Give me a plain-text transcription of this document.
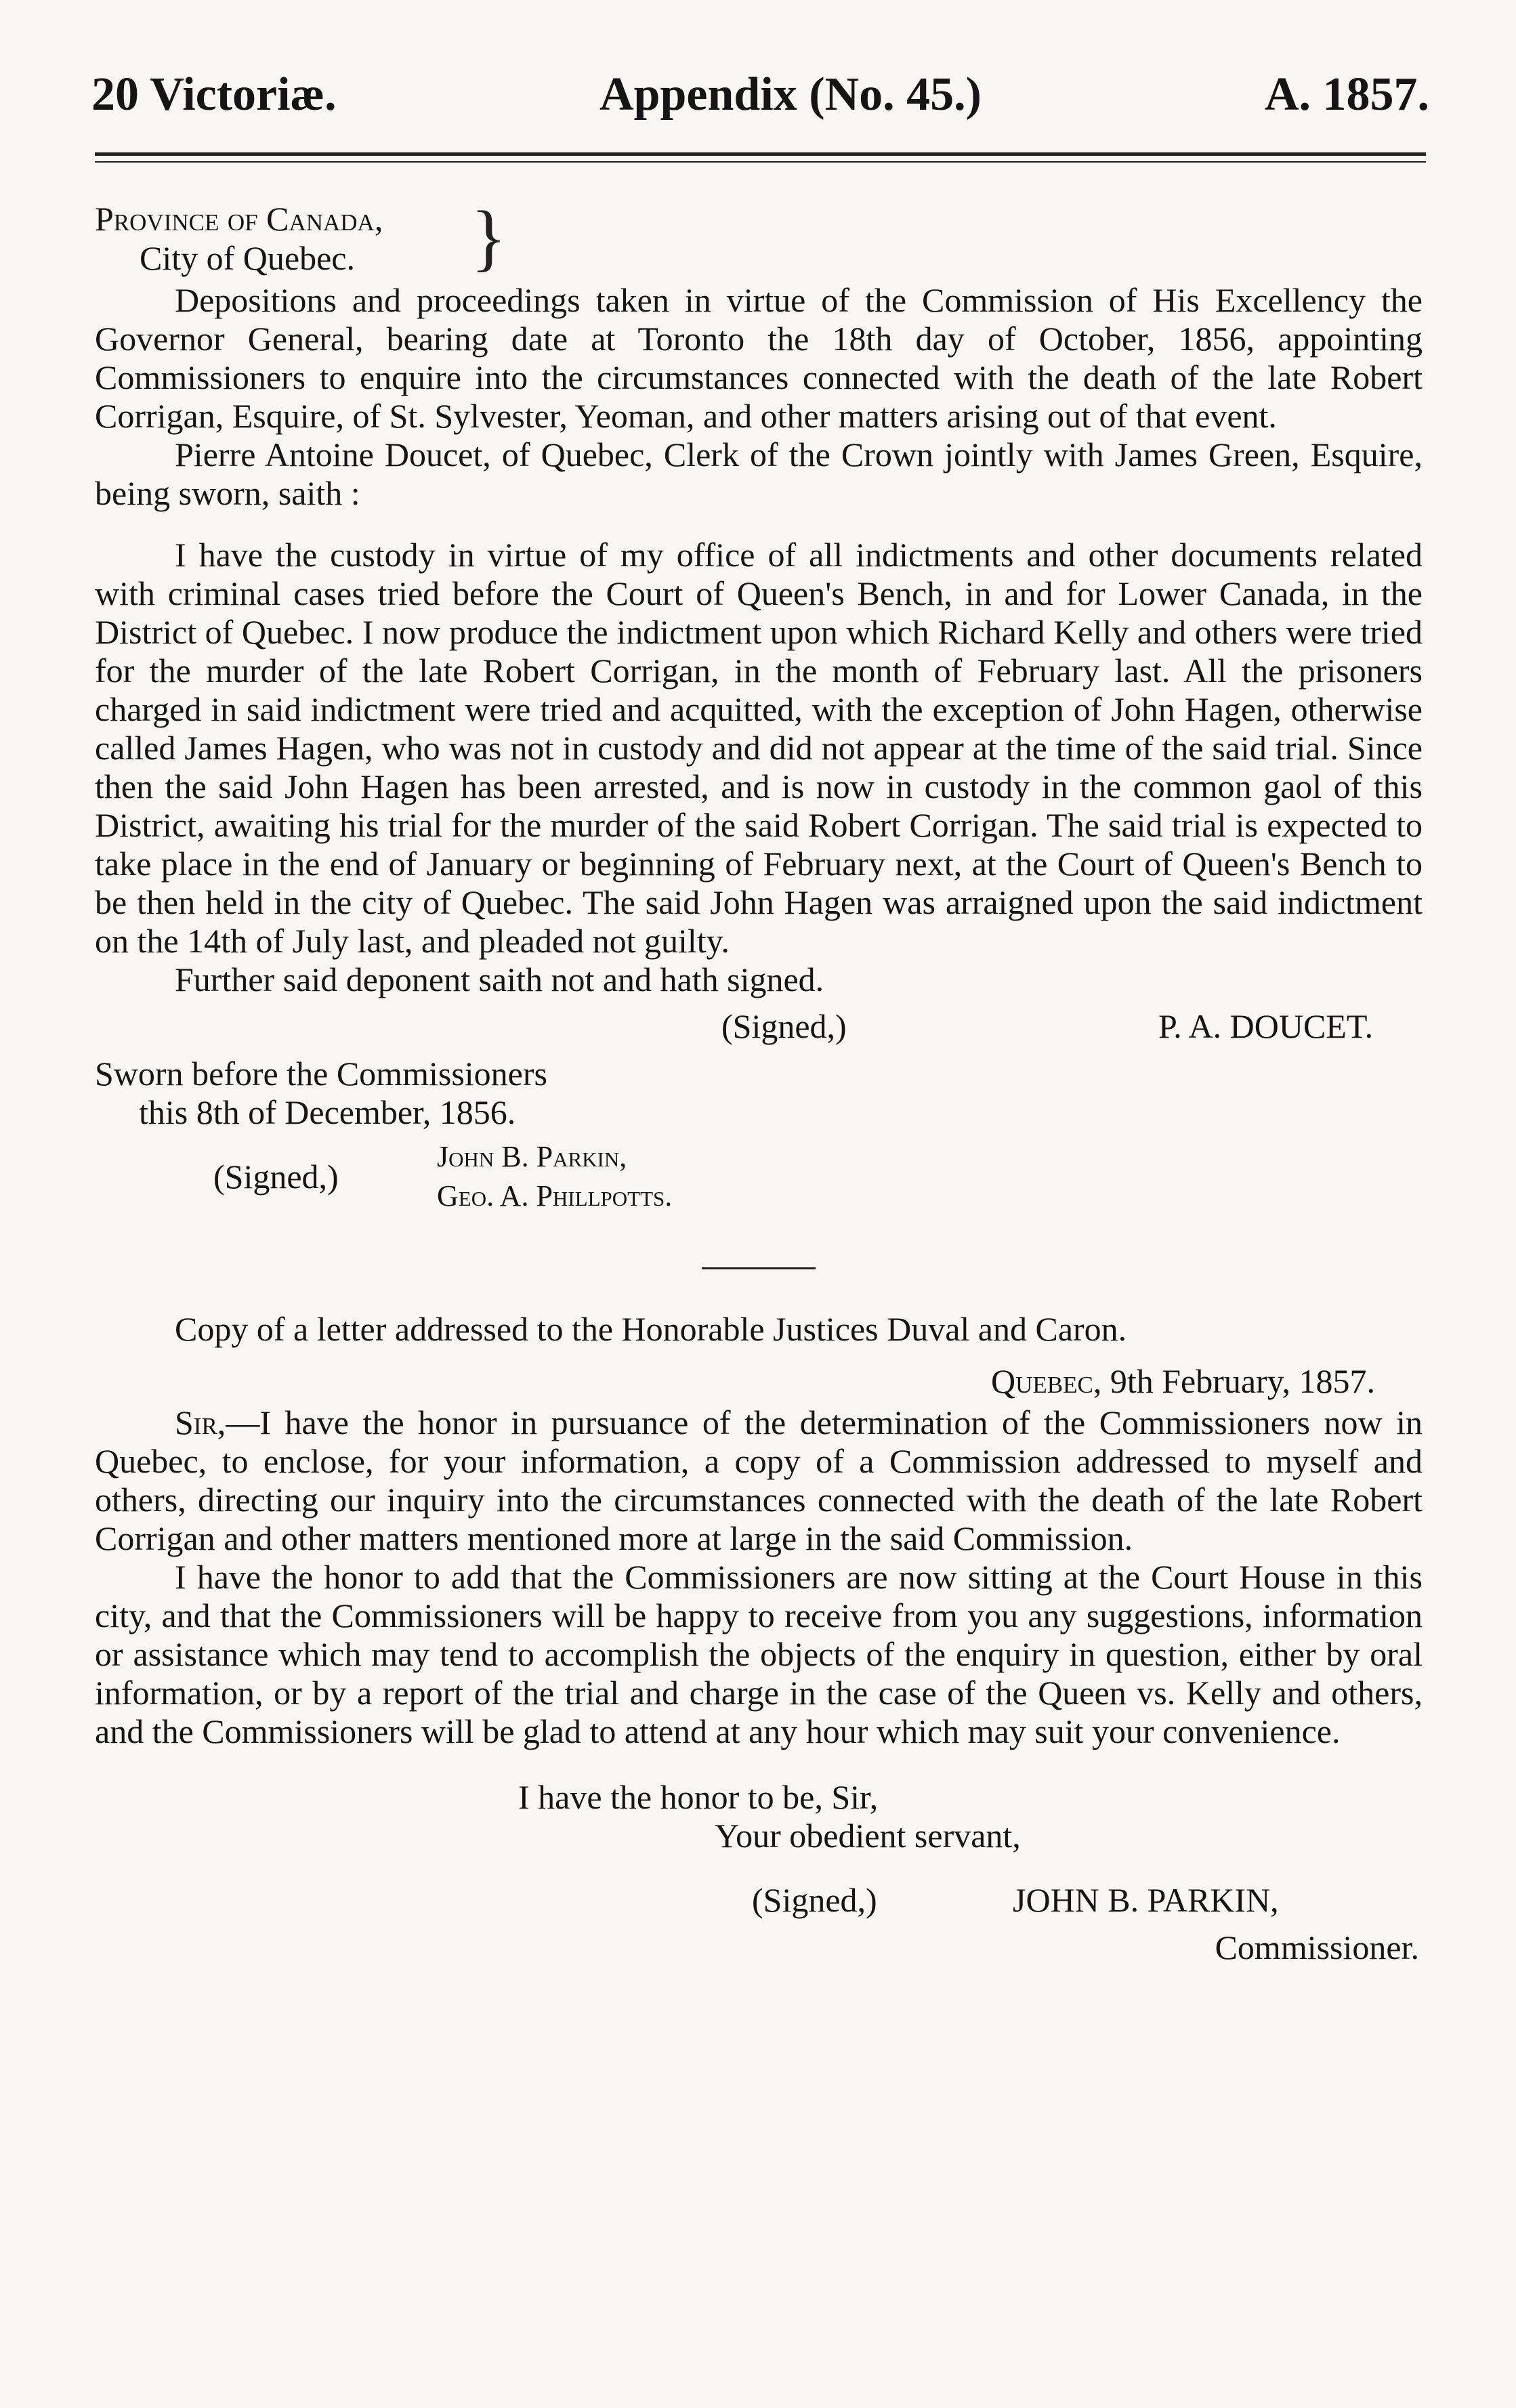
20 Victoriæ.	Appendix (No. 45.)	A. 1857.
Province of Canada,
City of Quebec. }

Depositions and proceedings taken in virtue of the Commission of His Excellency the Governor General, bearing date at Toronto the 18th day of October, 1856, appointing Commissioners to enquire into the circumstances connected with the death of the late Robert Corrigan, Esquire, of St. Sylvester, Yeoman, and other matters arising out of that event.

Pierre Antoine Doucet, of Quebec, Clerk of the Crown jointly with James Green, Esquire, being sworn, saith :

I have the custody in virtue of my office of all indictments and other documents related with criminal cases tried before the Court of Queen's Bench, in and for Lower Canada, in the District of Quebec. I now produce the indictment upon which Richard Kelly and others were tried for the murder of the late Robert Corrigan, in the month of February last. All the prisoners charged in said indictment were tried and acquitted, with the exception of John Hagen, otherwise called James Hagen, who was not in custody and did not appear at the time of the said trial. Since then the said John Hagen has been arrested, and is now in custody in the common gaol of this District, awaiting his trial for the murder of the said Robert Corrigan. The said trial is expected to take place in the end of January or beginning of February next, at the Court of Queen's Bench to be then held in the city of Quebec. The said John Hagen was arraigned upon the said indictment on the 14th of July last, and pleaded not guilty.

Further said deponent saith not and hath signed.

(Signed,)	P. A. DOUCET.
Sworn before the Commissioners
this 8th of December, 1856.
(Signed,)
John B. Parkin,
Geo. A. Phillpotts.
Copy of a letter addressed to the Honorable Justices Duval and Caron.
Quebec, 9th February, 1857.

Sir,—I have the honor in pursuance of the determination of the Commissioners now in Quebec, to enclose, for your information, a copy of a Commission addressed to myself and others, directing our inquiry into the circumstances connected with the death of the late Robert Corrigan and other matters mentioned more at large in the said Commission.

I have the honor to add that the Commissioners are now sitting at the Court House in this city, and that the Commissioners will be happy to receive from you any suggestions, information or assistance which may tend to accomplish the objects of the enquiry in question, either by oral information, or by a report of the trial and charge in the case of the Queen vs. Kelly and others, and the Commissioners will be glad to attend at any hour which may suit your convenience.

I have the honor to be, Sir,
Your obedient servant,
(Signed,)	JOHN B. PARKIN,
Commissioner.
